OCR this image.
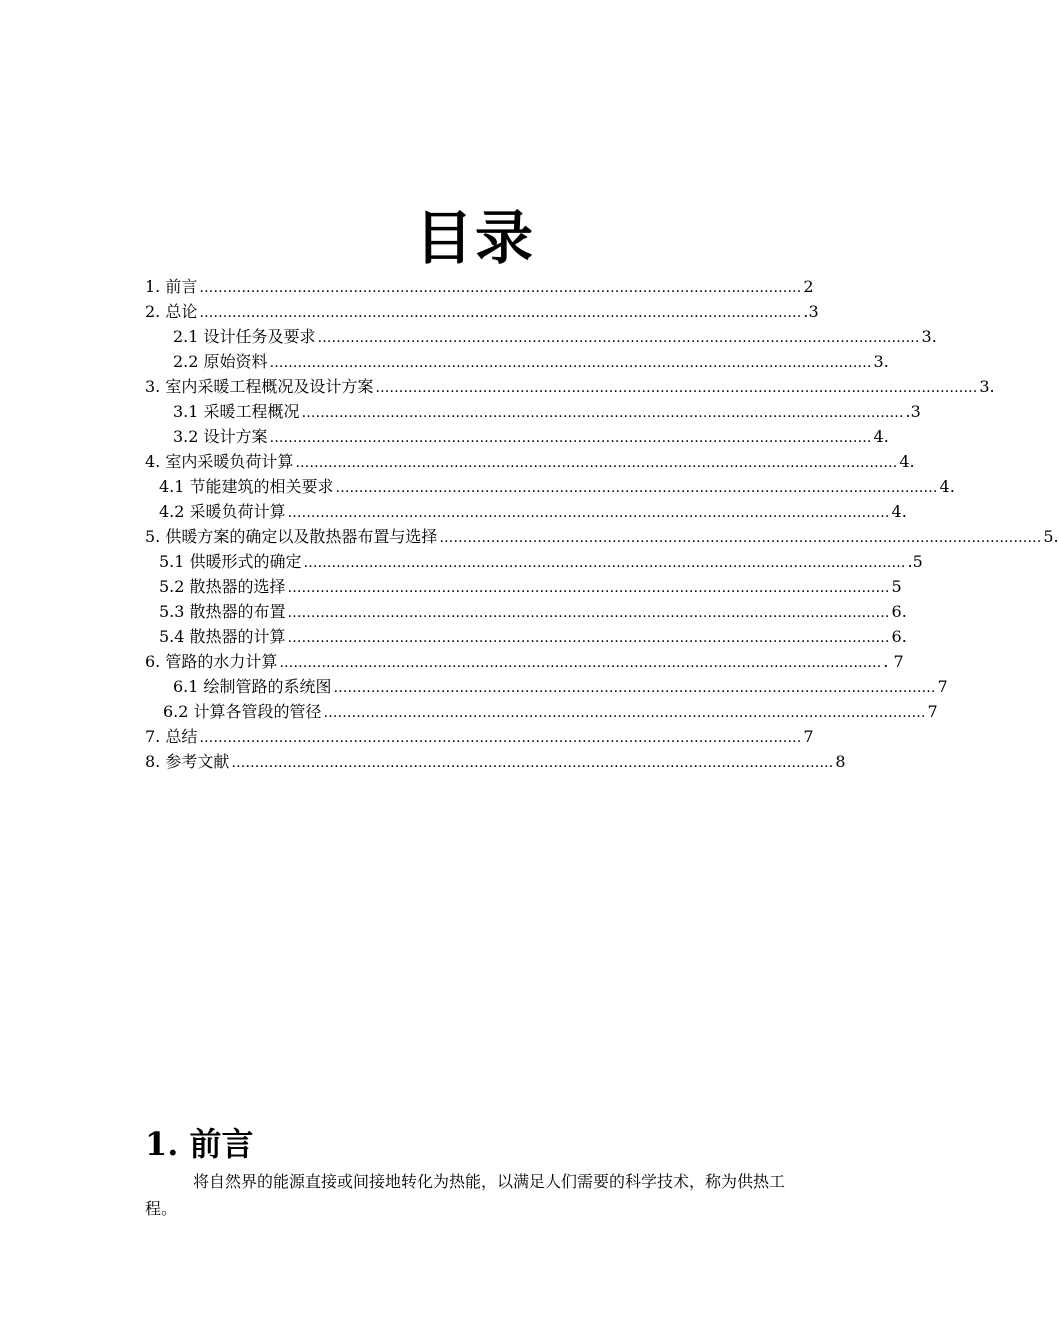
目录
1. 前言 ………………………………………………………………………………………………………………… 2
2. 总论 ………………………………………………………………………………………………………………… .3
2.1 设计任务及要求 ………………………………………………………………………………………………………………… 3.
2.2 原始资料 ………………………………………………………………………………………………………………… 3.
3. 室内采暖工程概况及设计方案 ………………………………………………………………………………………………………………… 3.
3.1 采暖工程概况 ………………………………………………………………………………………………………………… .3
3.2 设计方案 ………………………………………………………………………………………………………………… 4.
4. 室内采暖负荷计算 ………………………………………………………………………………………………………………… 4.
4.1 节能建筑的相关要求 ………………………………………………………………………………………………………………… 4.
4.2 采暖负荷计算 ………………………………………………………………………………………………………………… 4.
5. 供暖方案的确定以及散热器布置与选择 ………………………………………………………………………………………………………………… 5.
5.1 供暖形式的确定 ………………………………………………………………………………………………………………… .5
5.2 散热器的选择 ………………………………………………………………………………………………………………… 5
5.3 散热器的布置 ………………………………………………………………………………………………………………… 6.
5.4 散热器的计算 ………………………………………………………………………………………………………………… 6.
6. 管路的水力计算 ………………………………………………………………………………………………………………… . 7
6.1 绘制管路的系统图 ………………………………………………………………………………………………………………… 7
6.2 计算各管段的管径 ………………………………………………………………………………………………………………… 7
7. 总结 ………………………………………………………………………………………………………………… 7
8. 参考文献 ………………………………………………………………………………………………………………… 8
1. 前言
将自然界的能源直接或间接地转化为热能，以满足人们需要的科学技术，称为供热工程。
